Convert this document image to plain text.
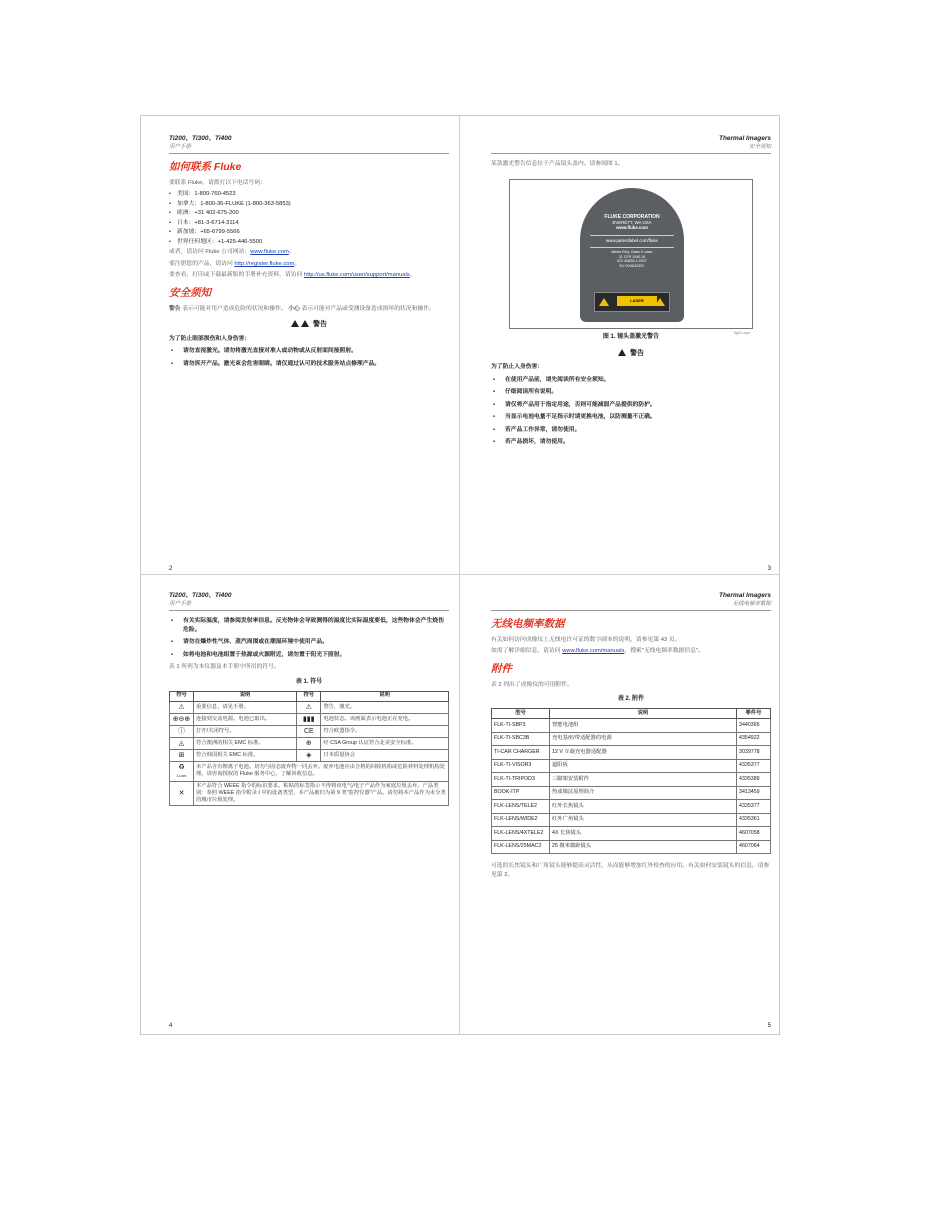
Ti200、Ti300、Ti400
用户手册
如何联系 Fluke

要联系 Fluke，请拨打以下电话号码：

• 美国：1-800-760-4523
• 加拿大：1-800-36-FLUKE (1-800-363-5853)
• 欧洲：+31 402-675-200
• 日本：+81-3-6714-3114
• 新加坡：+65-6799-5566
• 世界任何地区：+1-425-446-5500

或者，请访问 Fluke 公司网站：www.fluke.com。

要注册您的产品，请访问 http://register.fluke.com。

要查看、打印或下载最新版的手册补充资料，请访问 http://us.fluke.com/usen/support/manuals。

安全须知

警告 表示可能对用户造成危险的状况和操作。 小心 表示可能对产品或受测设备造成损坏的状况和操作。

警告

为了防止眼部损伤和人身伤害：

• 请勿直视激光。请勿将激光直接对准人或动物或从反射面间接照射。
• 请勿拆开产品。激光束会危害眼睛。请仅通过认可的技术服务站点修理产品。
2
Thermal Imagers
安全须知

某款激光警告信息位于产品镜头盖内。请参阅图 1。

FLUKE CORPORATION
EVERETT, WA USA
www.fluke.com
www.patentlabel.com/fluke
Meets Req. Class II Laser
21 CFR 1040.10
IEC 60825-1:2007
EU 2006/42/EC
LASER
fig01.eps
图 1. 镜头盖激光警告
警告

为了防止人身伤害：

• 在使用产品前，请先阅读所有安全须知。
• 仔细阅读所有说明。
• 请仅将产品用于指定用途，否则可能减弱产品提供的防护。
• 当显示电池电量不足指示时请更换电池，以防测量不正确。
• 若产品工作异常，请勿使用。
• 若产品损坏，请勿使用。
3
Ti200、Ti300、Ti400
用户手册
• 有关实际温度，请参阅发射率信息。反光物体会导致测得的温度比实际温度要低，这些物体会产生烧伤危险。
• 请勿在爆炸性气体、蒸汽周围或在潮湿环境中使用产品。
• 如将电池和电池组置于热源或火源附近，请勿置于阳光下照射。

表 1 所列为本仪器及本手册中所用的符号。

表 1. 符号
符号	说明	符号	说明
⚠	重要信息，请见手册。	⚠	警告，激光。
⊕⊖⊕	连接到交流电源。电池已取出。	▮▮▮	电池状态。该画面表示电池正在充电。
ⓘ	打开/关闭符号。	CE	符合欧盟指令。
◬	符合澳洲的相关 EMC 标准。	⊕	经 CSA Group 认证符合北美安全标准。
⊞	符合韩国相关 EMC 标准。	◈	日本质量协会
♻
Li-ion	本产品含有锂离子电池。切勿与固态废弃物一同丢弃。废弃电池应由合格的回收机构或危险材料处理机构处理。请咨询授权的 Fluke 服务中心，了解回收信息。		
✕	本产品符合 WEEE 指令的标识要求。粘贴的标签指示不得将该电气/电子产品作为家庭垃圾丢弃。产品类别：参照 WEEE 指令附录 I 中的设备类型，本产品被归为第 9 类"监控仪器"产品。请勿将本产品作为未分类的城市垃圾处理。		
4
Thermal Imagers
无线电频率数据
无线电频率数据

有关如何访问成像仪上无线电许可证的数字副本的说明，请参见第 43 页。

如需了解详细信息，请访问 www.fluke.com/manuals，搜索"无线电频率数据信息"。

附件

表 2 列出了成像仪的可用附件。

表 2. 附件
型号	说明	零件号
FLK-TI-SBP3	智能电池组	3440365
FLK-TI-SBC3B	充电基座/带适配器的电源	4354922
TI-CAR CHARGER	12 V 车载充电器适配器	3039778
FLK-TI-VISOR3	遮阳板	4335377
FLK-TI-TRIPOD3	三脚架安装附件	4335389
BOOK-ITP	热成像法原理简介	3413459
FLK-LENS/TELE2	红外长焦镜头	4335377
FLK-LENS/WIDE2	红外广角镜头	4335361
FLK-LENS/4XTELE2	4X 长焦镜头	4607058
FLK-LENS/25MAC2	25 微米微距镜头	4607064

可选的长焦镜头和广角镜头能够提高灵活性，从而能够增加红外检查的应用。有关如何安装镜头的信息，请参见第 2。

5
